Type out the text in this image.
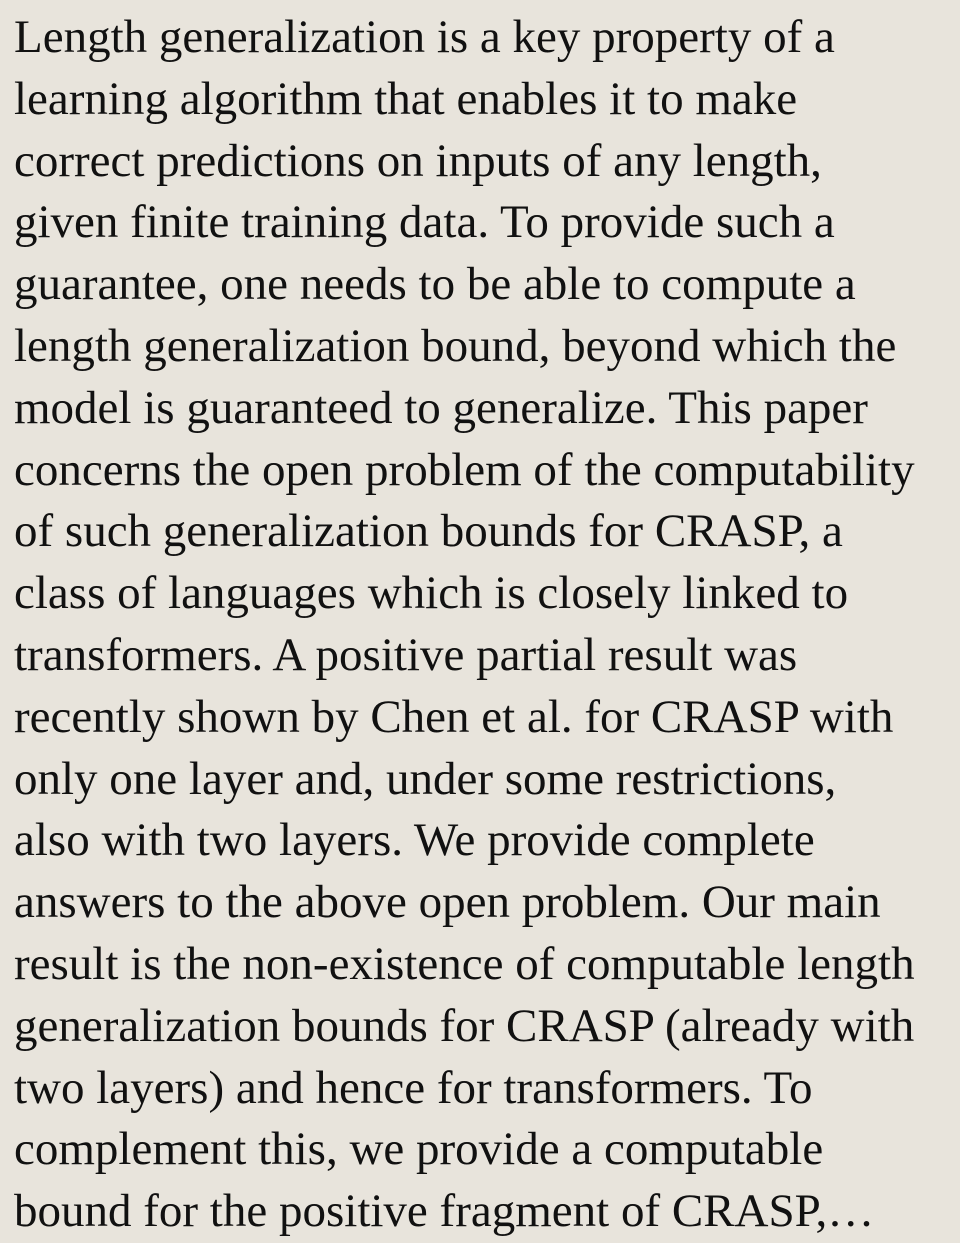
Length generalization is a key property of a
learning algorithm that enables it to make
correct predictions on inputs of any length,
given finite training data. To provide such a
guarantee, one needs to be able to compute a
length generalization bound, beyond which the
model is guaranteed to generalize. This paper
concerns the open problem of the computability
of such generalization bounds for CRASP, a
class of languages which is closely linked to
transformers. A positive partial result was
recently shown by Chen et al. for CRASP with
only one layer and, under some restrictions,
also with two layers. We provide complete
answers to the above open problem. Our main
result is the non-existence of computable length
generalization bounds for CRASP (already with
two layers) and hence for transformers. To
complement this, we provide a computable
bound for the positive fragment of CRASP,…
